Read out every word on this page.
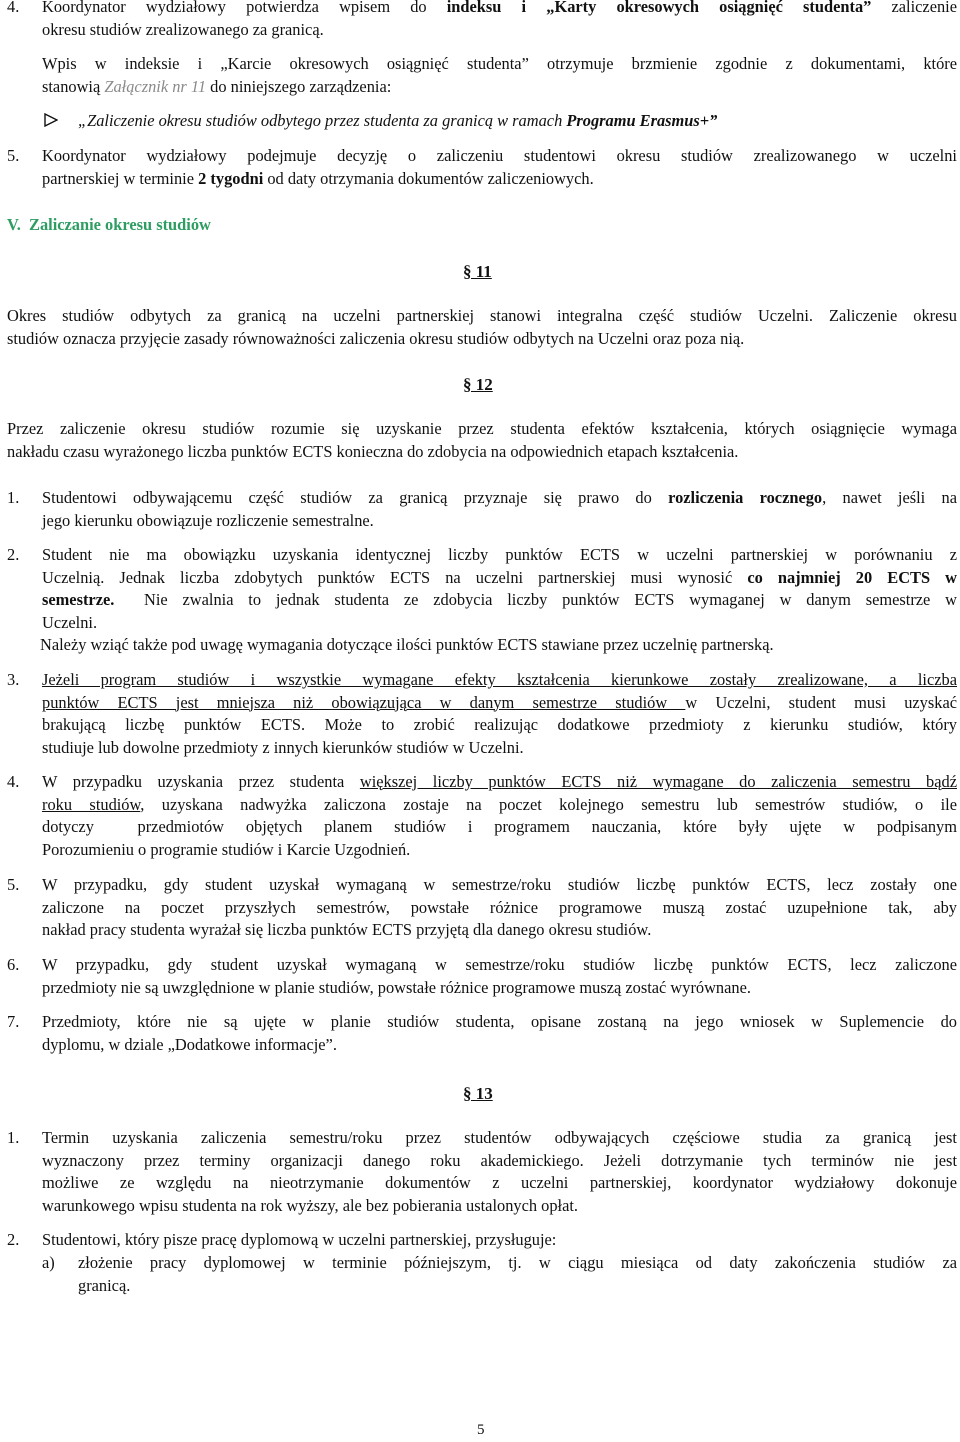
4. Koordynator wydziałowy potwierdza wpisem do indeksu i „Karty okresowych osiągnięć studenta” zaliczenie
okresu studiów zrealizowanego za granicą.
Wpis w indeksie i „Karcie okresowych osiągnięć studenta” otrzymuje brzmienie zgodnie z dokumentami, które
stanowią Załącznik nr 11 do niniejszego zarządzenia:
„Zaliczenie okresu studiów odbytego przez studenta za granicą w ramach Programu Erasmus+”
5. Koordynator wydziałowy podejmuje decyzję o zaliczeniu studentowi okresu studiów zrealizowanego w uczelni
partnerskiej w terminie 2 tygodni od daty otrzymania dokumentów zaliczeniowych.
V.  Zaliczanie okresu studiów
§ 11
Okres studiów odbytych za granicą na uczelni partnerskiej stanowi integralna część studiów Uczelni. Zaliczenie okresu
studiów oznacza przyjęcie zasady równoważności zaliczenia okresu studiów odbytych na Uczelni oraz poza nią.
§ 12
Przez zaliczenie okresu studiów rozumie się uzyskanie przez studenta efektów kształcenia, których osiągnięcie wymaga
nakładu czasu wyrażonego liczba punktów ECTS konieczna do zdobycia na odpowiednich etapach kształcenia.
1. Studentowi odbywającemu część studiów za granicą przyznaje się prawo do rozliczenia rocznego, nawet jeśli na
jego kierunku obowiązuje rozliczenie semestralne.
2. Student nie ma obowiązku uzyskania identycznej liczby punktów ECTS w uczelni partnerskiej w porównaniu z
Uczelnią. Jednak liczba zdobytych punktów ECTS na uczelni partnerskiej musi wynosić co najmniej 20 ECTS w
semestrze.  Nie zwalnia to jednak studenta ze zdobycia liczby punktów ECTS wymaganej w danym semestrze w
Uczelni.
Należy wziąć także pod uwagę wymagania dotyczące ilości punktów ECTS stawiane przez uczelnię partnerską.
3. Jeżeli program studiów i wszystkie wymagane efekty kształcenia kierunkowe zostały zrealizowane, a liczba
punktów ECTS jest mniejsza niż obowiązująca w danym semestrze studiów w Uczelni, student musi uzyskać
brakującą liczbę punktów ECTS. Może to zrobić realizując dodatkowe przedmioty z kierunku studiów, który
studiuje lub dowolne przedmioty z innych kierunków studiów w Uczelni.
4. W przypadku uzyskania przez studenta większej liczby punktów ECTS niż wymagane do zaliczenia semestru bądź
roku studiów, uzyskana nadwyżka zaliczona zostaje na poczet kolejnego semestru lub semestrów studiów, o ile
dotyczy  przedmiotów objętych planem studiów i programem nauczania, które były ujęte w podpisanym
Porozumieniu o programie studiów i Karcie Uzgodnień.
5. W przypadku, gdy student uzyskał wymaganą w semestrze/roku studiów liczbę punktów ECTS, lecz zostały one
zaliczone na poczet przyszłych semestrów, powstałe różnice programowe muszą zostać uzupełnione tak, aby
nakład pracy studenta wyrażał się liczba punktów ECTS przyjętą dla danego okresu studiów.
6. W przypadku, gdy student uzyskał wymaganą w semestrze/roku studiów liczbę punktów ECTS, lecz zaliczone
przedmioty nie są uwzględnione w planie studiów, powstałe różnice programowe muszą zostać wyrównane.
7. Przedmioty, które nie są ujęte w planie studiów studenta, opisane zostaną na jego wniosek w Suplemencie do
dyplomu, w dziale „Dodatkowe informacje”.
§ 13
1. Termin uzyskania zaliczenia semestru/roku przez studentów odbywających częściowe studia za granicą jest
wyznaczony przez terminy organizacji danego roku akademickiego. Jeżeli dotrzymanie tych terminów nie jest
możliwe ze względu na nieotrzymanie dokumentów z uczelni partnerskiej, koordynator wydziałowy dokonuje
warunkowego wpisu studenta na rok wyższy, ale bez pobierania ustalonych opłat.
2. Studentowi, który pisze pracę dyplomową w uczelni partnerskiej, przysługuje:
a) złożenie pracy dyplomowej w terminie późniejszym, tj. w ciągu miesiąca od daty zakończenia studiów za
granicą.
5
